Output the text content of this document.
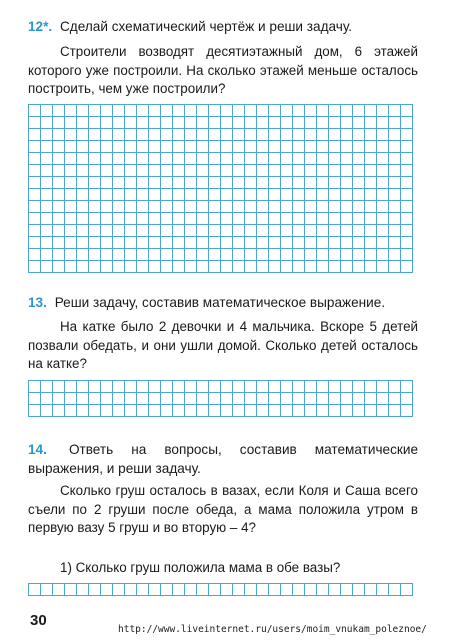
12*. Сделай схематический чертёж и реши задачу.
Строители возводят десятиэтажный дом, 6 этажей которого уже построили. На сколько этажей меньше осталось построить, чем уже построили?
13. Реши задачу, составив математическое выражение.
На катке было 2 девочки и 4 мальчика. Вскоре 5 детей позвали обедать, и они ушли домой. Сколько детей осталось на катке?
14. Ответь на вопросы, составив математические выражения, и реши задачу.
Сколько груш осталось в вазах, если Коля и Саша всего съели по 2 груши после обеда, а мама положила утром в первую вазу 5 груш и во вторую – 4?
1) Сколько груш положила мама в обе вазы?
30
http://www.liveinternet.ru/users/moim_vnukam_poleznoe/
